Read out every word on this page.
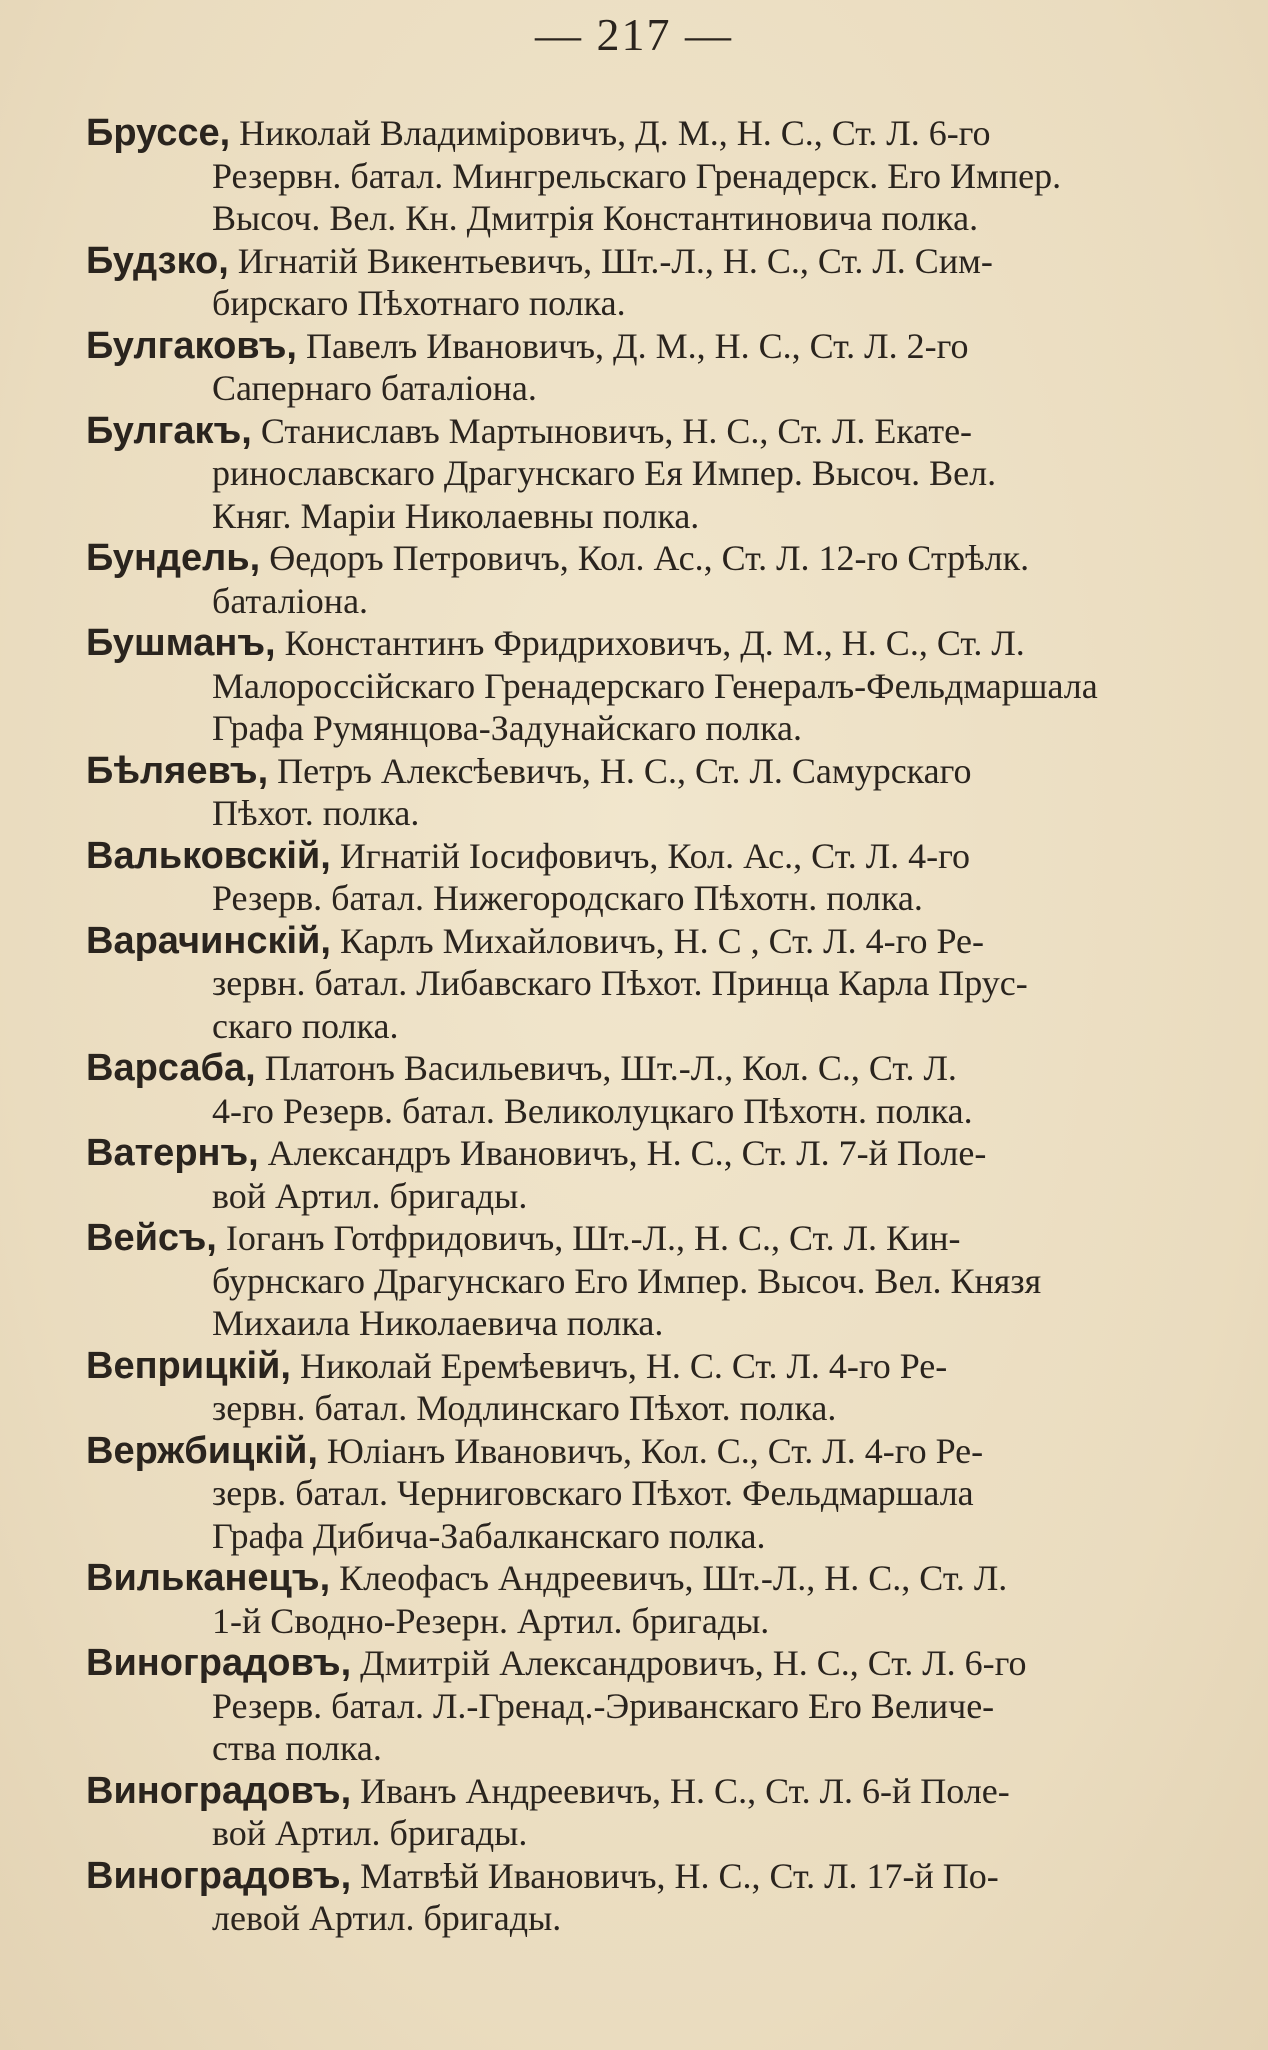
— 217 —
Бруссе, Николай Владиміровичъ, Д. М., Н. С., Ст. Л. 6-го
Резервн. батал. Мингрельскаго Гренадерск. Его Импер.
Высоч. Вел. Кн. Дмитрія Константиновича полка.
Будзко, Игнатій Викентьевичъ, Шт.-Л., Н. С., Ст. Л. Сим-
бирскаго Пѣхотнаго полка.
Булгаковъ, Павелъ Ивановичъ, Д. М., Н. С., Ст. Л. 2-го
Сапернаго баталіона.
Булгакъ, Станиславъ Мартыновичъ, Н. С., Ст. Л. Екате-
ринославскаго Драгунскаго Ея Импер. Высоч. Вел.
Княг. Маріи Николаевны полка.
Бундель, Өедоръ Петровичъ, Кол. Ас., Ст. Л. 12-го Стрѣлк.
баталіона.
Бушманъ, Константинъ Фридриховичъ, Д. М., Н. С., Ст. Л.
Малороссійскаго Гренадерскаго Генералъ-Фельдмаршала
Графа Румянцова-Задунайскаго полка.
Бѣляевъ, Петръ Алексѣевичъ, Н. С., Ст. Л. Самурскаго
Пѣхот. полка.
Вальковскій, Игнатій Іосифовичъ, Кол. Ас., Ст. Л. 4-го
Резерв. батал. Нижегородскаго Пѣхотн. полка.
Варачинскій, Карлъ Михайловичъ, Н. С , Ст. Л. 4-го Ре-
зервн. батал. Либавскаго Пѣхот. Принца Карла Прус-
скаго полка.
Варсаба, Платонъ Васильевичъ, Шт.-Л., Кол. С., Ст. Л.
4-го Резерв. батал. Великолуцкаго Пѣхотн. полка.
Ватернъ, Александръ Ивановичъ, Н. С., Ст. Л. 7-й Поле-
вой Артил. бригады.
Вейсъ, Іоганъ Готфридовичъ, Шт.-Л., Н. С., Ст. Л. Кин-
бурнскаго Драгунскаго Его Импер. Высоч. Вел. Князя
Михаила Николаевича полка.
Веприцкій, Николай Еремѣевичъ, Н. С. Ст. Л. 4-го Ре-
зервн. батал. Модлинскаго Пѣхот. полка.
Вержбицкій, Юліанъ Ивановичъ, Кол. С., Ст. Л. 4-го Ре-
зерв. батал. Черниговскаго Пѣхот. Фельдмаршала
Графа Дибича-Забалканскаго полка.
Вильканецъ, Клеофасъ Андреевичъ, Шт.-Л., Н. С., Ст. Л.
1-й Сводно-Резерн. Артил. бригады.
Виноградовъ, Дмитрій Александровичъ, Н. С., Ст. Л. 6-го
Резерв. батал. Л.-Гренад.-Эриванскаго Его Величе-
ства полка.
Виноградовъ, Иванъ Андреевичъ, Н. С., Ст. Л. 6-й Поле-
вой Артил. бригады.
Виноградовъ, Матвѣй Ивановичъ, Н. С., Ст. Л. 17-й По-
левой Артил. бригады.
